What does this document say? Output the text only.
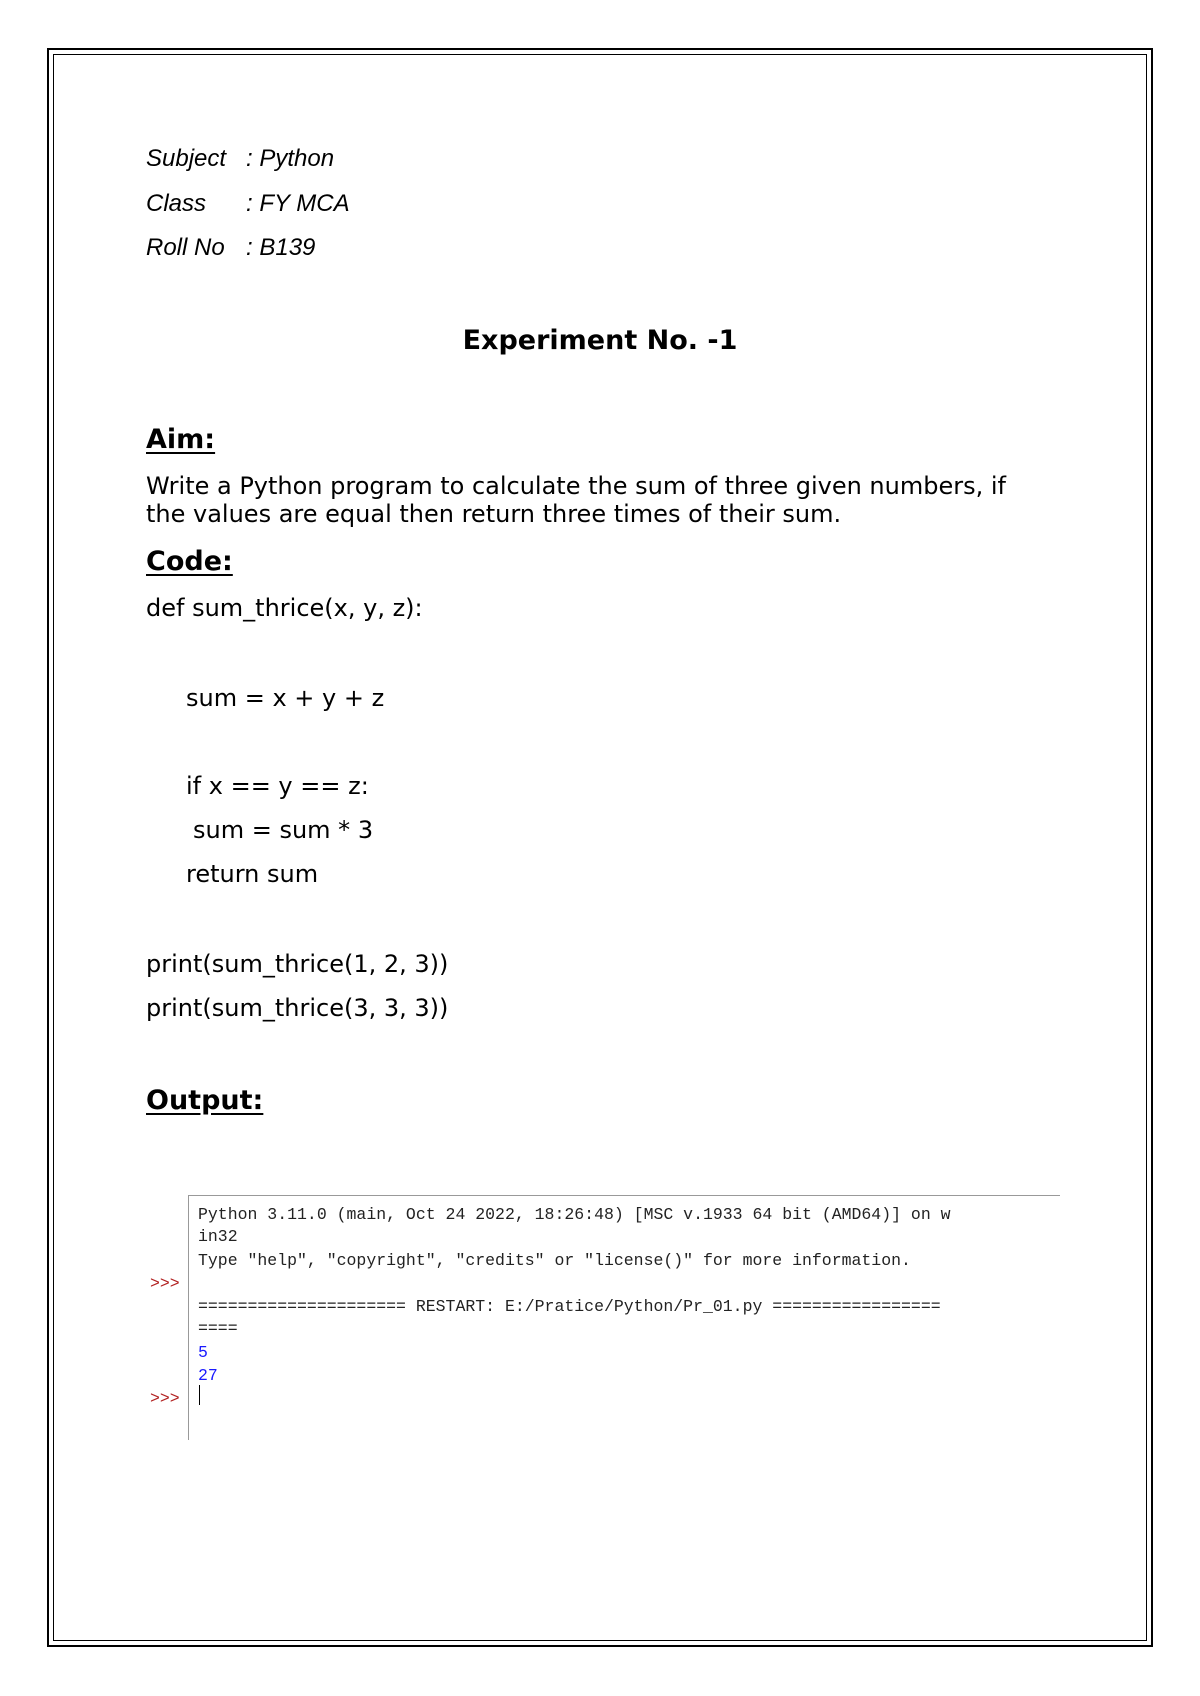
Subject : Python
Class : FY MCA
Roll No : B139
Experiment No. -1
Aim:
Write a Python program to calculate the sum of three given numbers, if the values are equal then return three times of their sum.
Code:
def sum_thrice(x, y, z):
sum = x + y + z
if x == y == z:
sum = sum * 3
return sum
print(sum_thrice(1, 2, 3))
print(sum_thrice(3, 3, 3))
Output:
Python 3.11.0 (main, Oct 24 2022, 18:26:48) [MSC v.1933 64 bit (AMD64)] on w
in32
Type "help", "copyright", "credits" or "license()" for more information.
>>>
===================== RESTART: E:/Pratice/Python/Pr_01.py =================
====
5
27
>>>
